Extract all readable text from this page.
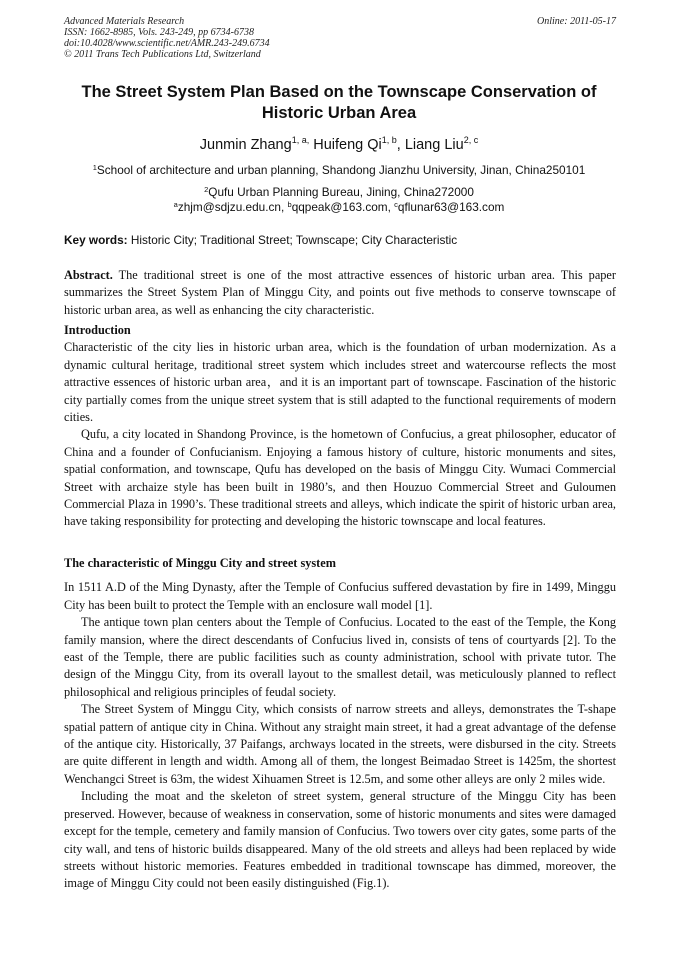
Advanced Materials Research
ISSN: 1662-8985, Vols. 243-249, pp 6734-6738
doi:10.4028/www.scientific.net/AMR.243-249.6734
© 2011 Trans Tech Publications Ltd, Switzerland
Online: 2011-05-17
The Street System Plan Based on the Townscape Conservation of
Historic Urban Area
Junmin Zhang$^{1, a,}$ Huifeng Qi$^{1, b}$, Liang Liu$^{2, c}$
$^1$School of architecture and urban planning, Shandong Jianzhu University, Jinan, China250101
$^2$Qufu Urban Planning Bureau, Jining, China272000
$^a$zhjm@sdjzu.edu.cn, $^b$qqpeak@163.com, $^c$qflunar63@163.com
Key words: Historic City; Traditional Street; Townscape; City Characteristic

Abstract. The traditional street is one of the most attractive essences of historic urban area. This paper summarizes the Street System Plan of Minggu City, and points out five methods to conserve townscape of historic urban area, as well as enhancing the city characteristic.

Introduction

Characteristic of the city lies in historic urban area, which is the foundation of urban modernization. As a dynamic cultural heritage, traditional street system which includes street and watercourse reflects the most attractive essences of historic urban area，and it is an important part of townscape. Fascination of the historic city partially comes from the unique street system that is still adapted to the functional requirements of modern cities.

Qufu, a city located in Shandong Province, is the hometown of Confucius, a great philosopher, educator of China and a founder of Confucianism. Enjoying a famous history of culture, historic monuments and sites, spatial conformation, and townscape, Qufu has developed on the basis of Minggu City. Wumaci Commercial Street with archaize style has been built in 1980’s, and then Houzuo Commercial Street and Guloumen Commercial Plaza in 1990’s. These traditional streets and alleys, which indicate the spirit of historic urban area, have taking responsibility for protecting and developing the historic townscape and local features.

The characteristic of Minggu City and street system

In 1511 A.D of the Ming Dynasty, after the Temple of Confucius suffered devastation by fire in 1499, Minggu City has been built to protect the Temple with an enclosure wall model [1].

The antique town plan centers about the Temple of Confucius. Located to the east of the Temple, the Kong family mansion, where the direct descendants of Confucius lived in, consists of tens of courtyards [2]. To the east of the Temple, there are public facilities such as county administration, school with private tutor. The design of the Minggu City, from its overall layout to the smallest detail, was meticulously planned to reflect philosophical and religious principles of feudal society.

The Street System of Minggu City, which consists of narrow streets and alleys, demonstrates the T-shape spatial pattern of antique city in China. Without any straight main street, it had a great advantage of the defense of the antique city. Historically, 37 Paifangs, archways located in the streets, were disbursed in the city. Streets are quite different in length and width. Among all of them, the longest Beimadao Street is 1425m, the shortest Wenchangci Street is 63m, the widest Xihuamen Street is 12.5m, and some other alleys are only 2 miles wide.

Including the moat and the skeleton of street system, general structure of the Minggu City has been preserved. However, because of weakness in conservation, some of historic monuments and sites were damaged except for the temple, cemetery and family mansion of Confucius. Two towers over city gates, some parts of the city wall, and tens of historic builds disappeared. Many of the old streets and alleys had been replaced by wide streets without historic memories. Features embedded in traditional townscape has dimmed, moreover, the image of Minggu City could not been easily distinguished (Fig.1).
